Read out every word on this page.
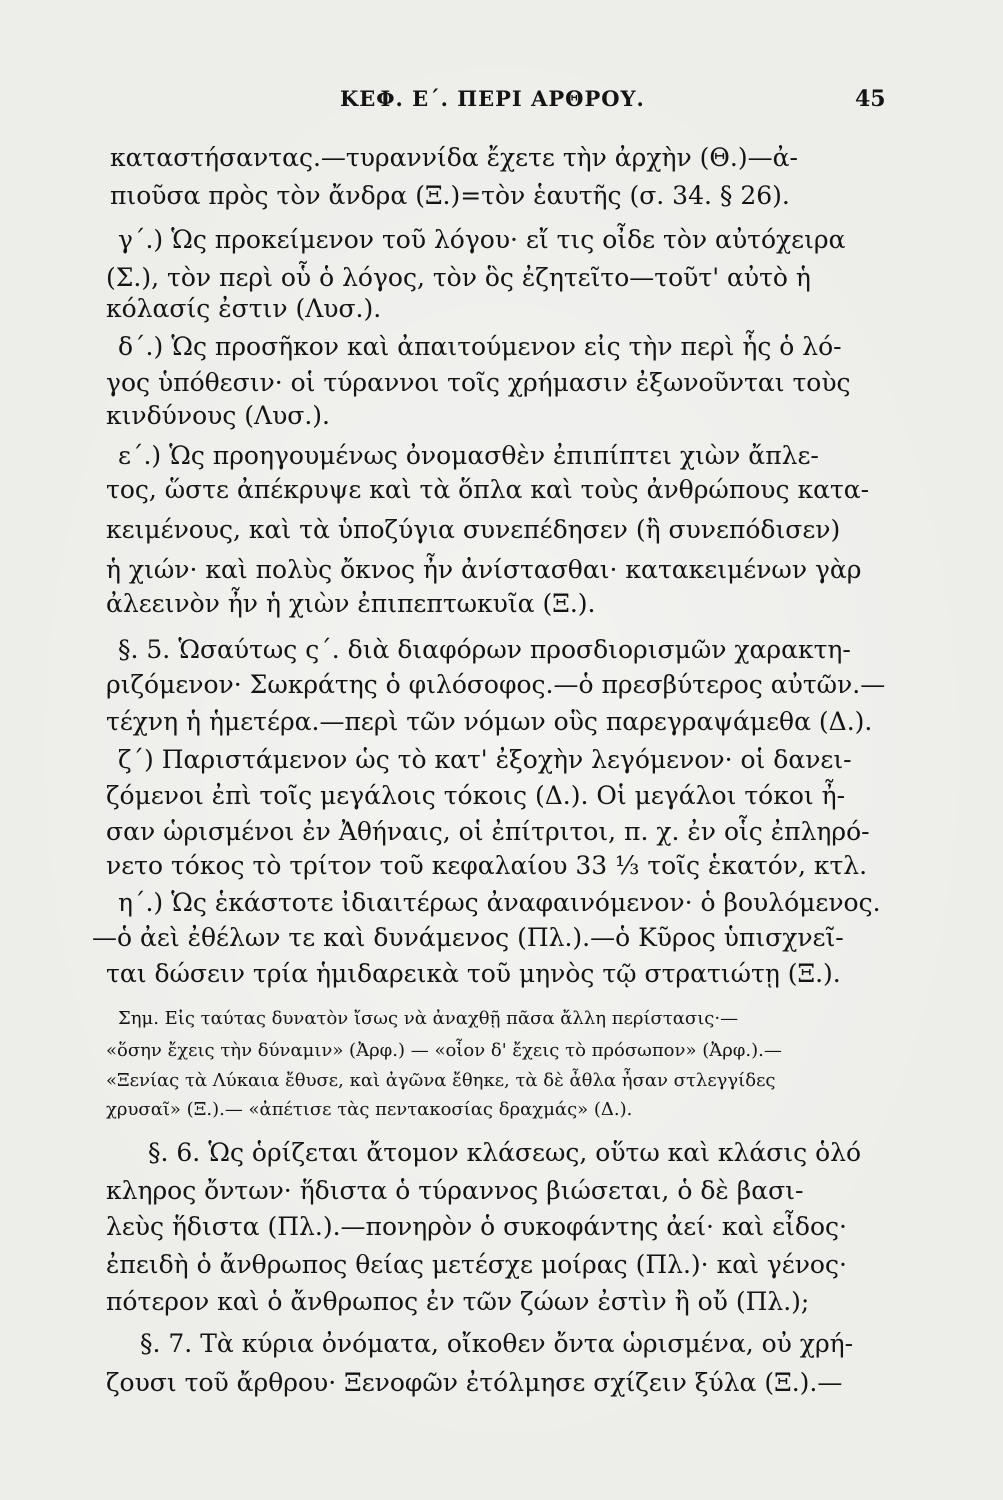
ΚΕΦ. Ε΄. ΠΕΡΙ ΑΡΘΡΟΥ.	45
καταστήσαντας.—τυραννίδα ἔχετε τὴν ἀρχὴν (Θ.)—ἀ-
πιοῦσα πρὸς τὸν ἄνδρα (Ξ.)=τὸν ἑαυτῆς (σ. 34. § 26).
γ΄.) Ὡς προκείμενον τοῦ λόγου· εἴ τις οἶδε τὸν αὐτόχειρα
(Σ.), τὸν περὶ οὗ ὁ λόγος, τὸν ὃς ἐζητεῖτο—τοῦτ' αὐτὸ ἡ
κόλασίς ἐστιν (Λυσ.).
δ΄.) Ὡς προσῆκον καὶ ἀπαιτούμενον εἰς τὴν περὶ ἧς ὁ λό-
γος ὑπόθεσιν· οἱ τύραννοι τοῖς χρήμασιν ἐξωνοῦνται τοὺς
κινδύνους (Λυσ.).
ε΄.) Ὡς προηγουμένως ὀνομασθὲν ἐπιπίπτει χιὼν ἄπλε-
τος, ὥστε ἀπέκρυψε καὶ τὰ ὅπλα καὶ τοὺς ἀνθρώπους κατα-
κειμένους, καὶ τὰ ὑποζύγια συνεπέδησεν (ἢ συνεπόδισεν)
ἡ χιών· καὶ πολὺς ὄκνος ἦν ἀνίστασθαι· κατακειμένων γὰρ
ἀλεεινὸν ἦν ἡ χιὼν ἐπιπεπτωκυῖα (Ξ.).
§. 5. Ὡσαύτως ς΄. διὰ διαφόρων προσδιορισμῶν χαρακτη-
ριζόμενον· Σωκράτης ὁ φιλόσοφος.—ὁ πρεσβύτερος αὐτῶν.—
τέχνη ἡ ἡμετέρα.—περὶ τῶν νόμων οὓς παρεγραψάμεθα (Δ.).
ζ΄) Παριστάμενον ὡς τὸ κατ' ἐξοχὴν λεγόμενον· οἱ δανει-
ζόμενοι ἐπὶ τοῖς μεγάλοις τόκοις (Δ.). Οἱ μεγάλοι τόκοι ἦ-
σαν ὡρισμένοι ἐν Ἀθήναις, οἱ ἐπίτριτοι, π. χ. ἐν οἷς ἐπληρό-
νετο τόκος τὸ τρίτον τοῦ κεφαλαίου 33 ⅓ τοῖς ἑκατόν, κτλ.
η΄.) Ὡς ἑκάστοτε ἰδιαιτέρως ἀναφαινόμενον· ὁ βουλόμενος.
—ὁ ἀεὶ ἐθέλων τε καὶ δυνάμενος (Πλ.).—ὁ Κῦρος ὑπισχνεῖ-
ται δώσειν τρία ἡμιδαρεικὰ τοῦ μηνὸς τῷ στρατιώτῃ (Ξ.).
Σημ. Εἰς ταύτας δυνατὸν ἴσως νὰ ἀναχθῇ πᾶσα ἄλλη περίστασις·—
«ὅσην ἔχεις τὴν δύναμιν» (Ἀρφ.) — «οἷον δ' ἔχεις τὸ πρόσωπον» (Ἀρφ.).—
«Ξενίας τὰ Λύκαια ἔθυσε, καὶ ἀγῶνα ἔθηκε, τὰ δὲ ἆθλα ἦσαν στλεγγίδες
χρυσαῖ» (Ξ.).— «ἀπέτισε τὰς πεντακοσίας δραχμάς» (Δ.).
§. 6. Ὡς ὁρίζεται ἄτομον κλάσεως, οὕτω καὶ κλάσις ὁλό
κληρος ὄντων· ἥδιστα ὁ τύραννος βιώσεται, ὁ δὲ βασι-
λεὺς ἥδιστα (Πλ.).—πονηρὸν ὁ συκοφάντης ἀεί· καὶ εἶδος·
ἐπειδὴ ὁ ἄνθρωπος θείας μετέσχε μοίρας (Πλ.)· καὶ γένος·
πότερον καὶ ὁ ἄνθρωπος ἐν τῶν ζώων ἐστὶν ἢ οὔ (Πλ.);
§. 7. Τὰ κύρια ὀνόματα, οἴκοθεν ὄντα ὡρισμένα, οὐ χρή-
ζουσι τοῦ ἄρθρου· Ξενοφῶν ἐτόλμησε σχίζειν ξύλα (Ξ.).—
